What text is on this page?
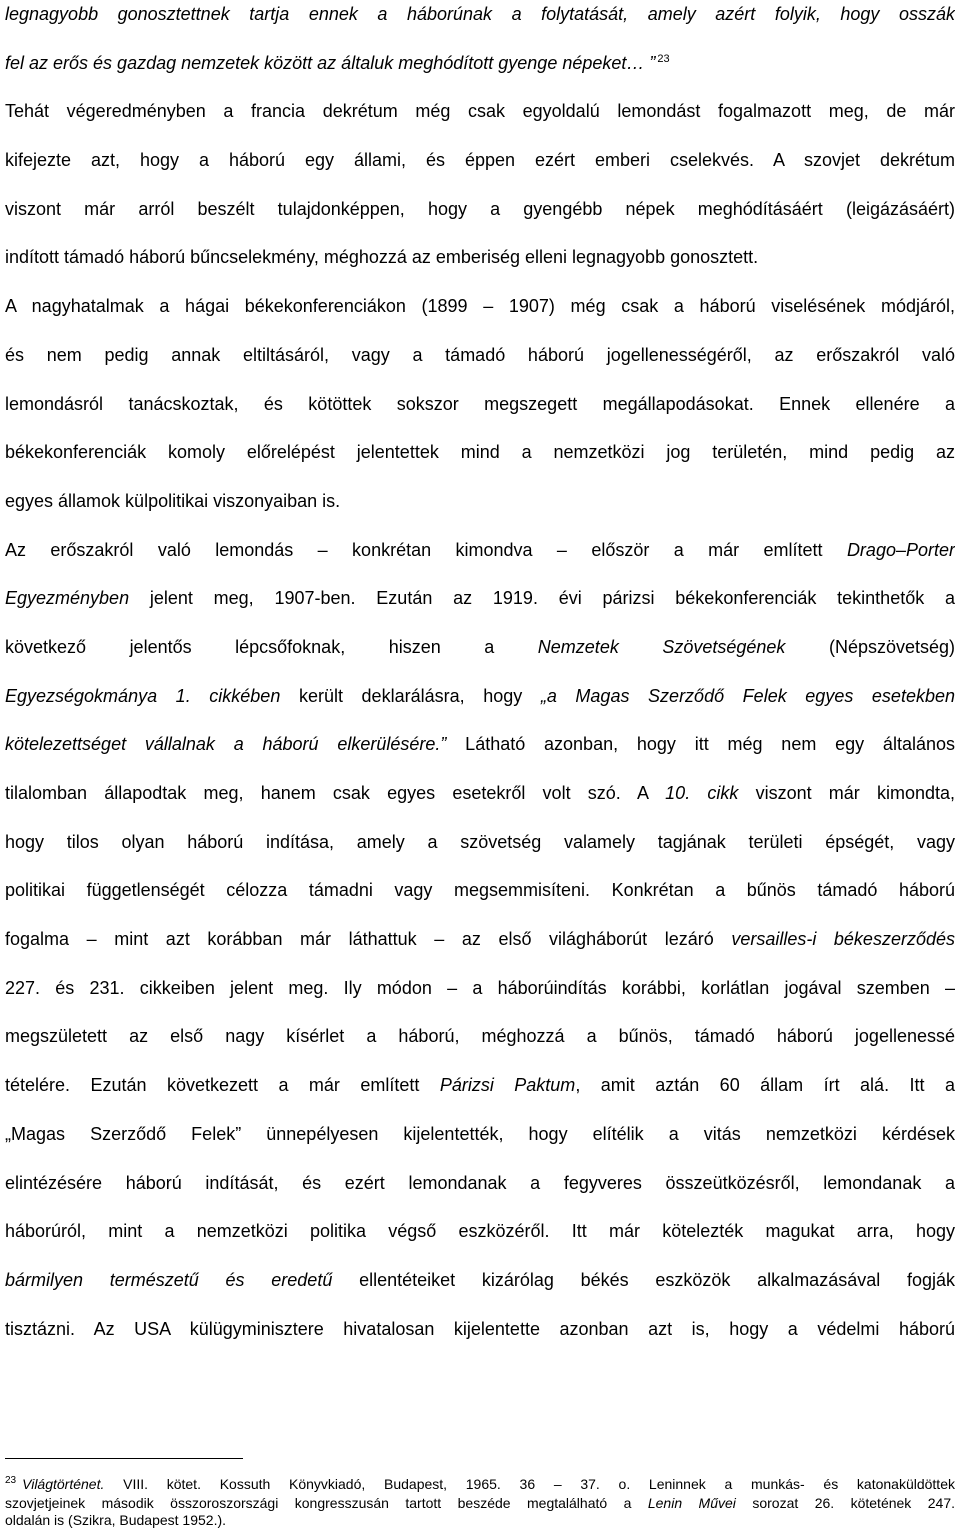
legnagyobb gonosztettnek tartja ennek a háborúnak a folytatását, amely azért folyik, hogy osszák
fel az erős és gazdag nemzetek között az általuk meghódított gyenge népeket… ” $^{23}$
Tehát végeredményben a francia dekrétum még csak egyoldalú lemondást fogalmazott meg, de már
kifejezte azt, hogy a háború egy állami, és éppen ezért emberi cselekvés. A szovjet dekrétum
viszont már arról beszélt tulajdonképpen, hogy a gyengébb népek meghódításáért (leigázásáért)
indított támadó háború bűncselekmény, méghozzá az emberiség elleni legnagyobb gonosztett.
A nagyhatalmak a hágai békekonferenciákon (1899 – 1907) még csak a háború viselésének módjáról,
és nem pedig annak eltiltásáról, vagy a támadó háború jogellenességéről, az erőszakról való
lemondásról tanácskoztak, és kötöttek sokszor megszegett megállapodásokat. Ennek ellenére a
békekonferenciák komoly előrelépést jelentettek mind a nemzetközi jog területén, mind pedig az
egyes államok külpolitikai viszonyaiban is.
Az erőszakról való lemondás – konkrétan kimondva – először a már említett Drago–Porter
Egyezményben jelent meg, 1907-ben. Ezután az 1919. évi párizsi békekonferenciák tekinthetők a
következő jelentős lépcsőfoknak, hiszen a Nemzetek Szövetségének (Népszövetség)
Egyezségokmánya 1. cikkében került deklarálásra, hogy „a Magas Szerződő Felek egyes esetekben
kötelezettséget vállalnak a háború elkerülésére.” Látható azonban, hogy itt még nem egy általános
tilalomban állapodtak meg, hanem csak egyes esetekről volt szó. A 10. cikk viszont már kimondta,
hogy tilos olyan háború indítása, amely a szövetség valamely tagjának területi épségét, vagy
politikai függetlenségét célozza támadni vagy megsemmisíteni. Konkrétan a bűnös támadó háború
fogalma – mint azt korábban már láthattuk – az első világháborút lezáró versailles-i békeszerződés
227. és 231. cikkeiben jelent meg. Ily módon – a háborúindítás korábbi, korlátlan jogával szemben –
megszületett az első nagy kísérlet a háború, méghozzá a bűnös, támadó háború jogellenessé
tételére. Ezután következett a már említett Párizsi Paktum, amit aztán 60 állam írt alá. Itt a
„Magas Szerződő Felek” ünnepélyesen kijelentették, hogy elítélik a vitás nemzetközi kérdések
elintézésére háború indítását, és ezért lemondanak a fegyveres összeütközésről, lemondanak a
háborúról, mint a nemzetközi politika végső eszközéről. Itt már kötelezték magukat arra, hogy
bármilyen természetű és eredetű ellentéteiket kizárólag békés eszközök alkalmazásával fogják
tisztázni. Az USA külügyminisztere hivatalosan kijelentette azonban azt is, hogy a védelmi háború
$^{23}$ Világtörténet. VIII. kötet. Kossuth Könyvkiadó, Budapest, 1965. 36 – 37. o. Leninnek a munkás- és katonaküldöttek
szovjetjeinek második összoroszországi kongresszusán tartott beszéde megtalálható a Lenin Művei sorozat 26. kötetének 247.
oldalán is (Szikra, Budapest 1952.).
